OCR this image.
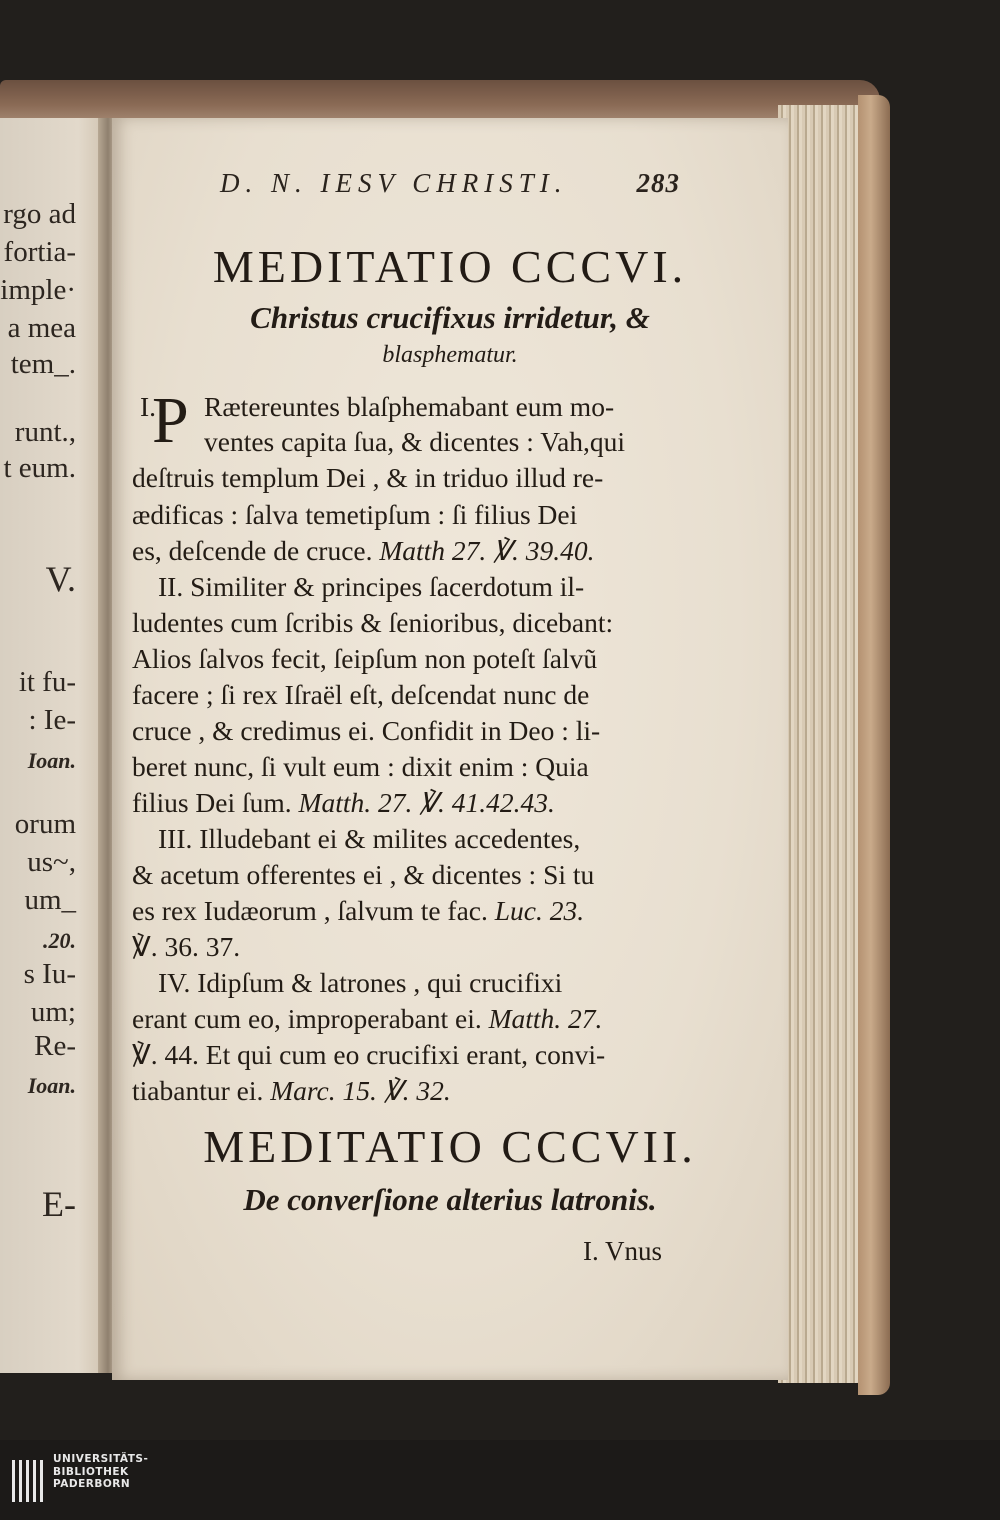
rgo ad
fortia-
imple·
a mea
tem_.
runt.,
t eum.
V.
it fu-
: Ie-
Ioan.
orum
us~,
um_
.20.
s Iu-
um;
Re-
Ioan.
E-
D. N. IESV CHRISTI.	283
MEDITATIO CCCVI.
Christus crucifixus irridetur, &
blasphematur.
I.
P Rætereuntes blaſphemabant eum mo-
ventes capita ſua, & dicentes : Vah,qui
deſtruis templum Dei , & in triduo illud re-
ædificas : ſalva temetipſum : ſi filius Dei
es, deſcende de cruce. Matth 27. ℣. 39.40.
II. Similiter & principes ſacerdotum il-
ludentes cum ſcribis & ſenioribus, dicebant:
Alios ſalvos fecit, ſeipſum non poteſt ſalvũ
facere ; ſi rex Iſraël eſt, deſcendat nunc de
cruce , & credimus ei. Confidit in Deo : li-
beret nunc, ſi vult eum : dixit enim : Quia
filius Dei ſum. Matth. 27. ℣. 41.42.43.
III. Illudebant ei & milites accedentes,
& acetum offerentes ei , & dicentes : Si tu
es rex Iudæorum , ſalvum te fac. Luc. 23.
℣. 36. 37.
IV. Idipſum & latrones , qui crucifixi
erant cum eo, improperabant ei. Matth. 27.
℣. 44. Et qui cum eo crucifixi erant, convi-
tiabantur ei. Marc. 15. ℣. 32.
MEDITATIO CCCVII.
De converſione alterius latronis.
I. Vnus
UNIVERSITÄTS-
BIBLIOTHEK
PADERBORN
